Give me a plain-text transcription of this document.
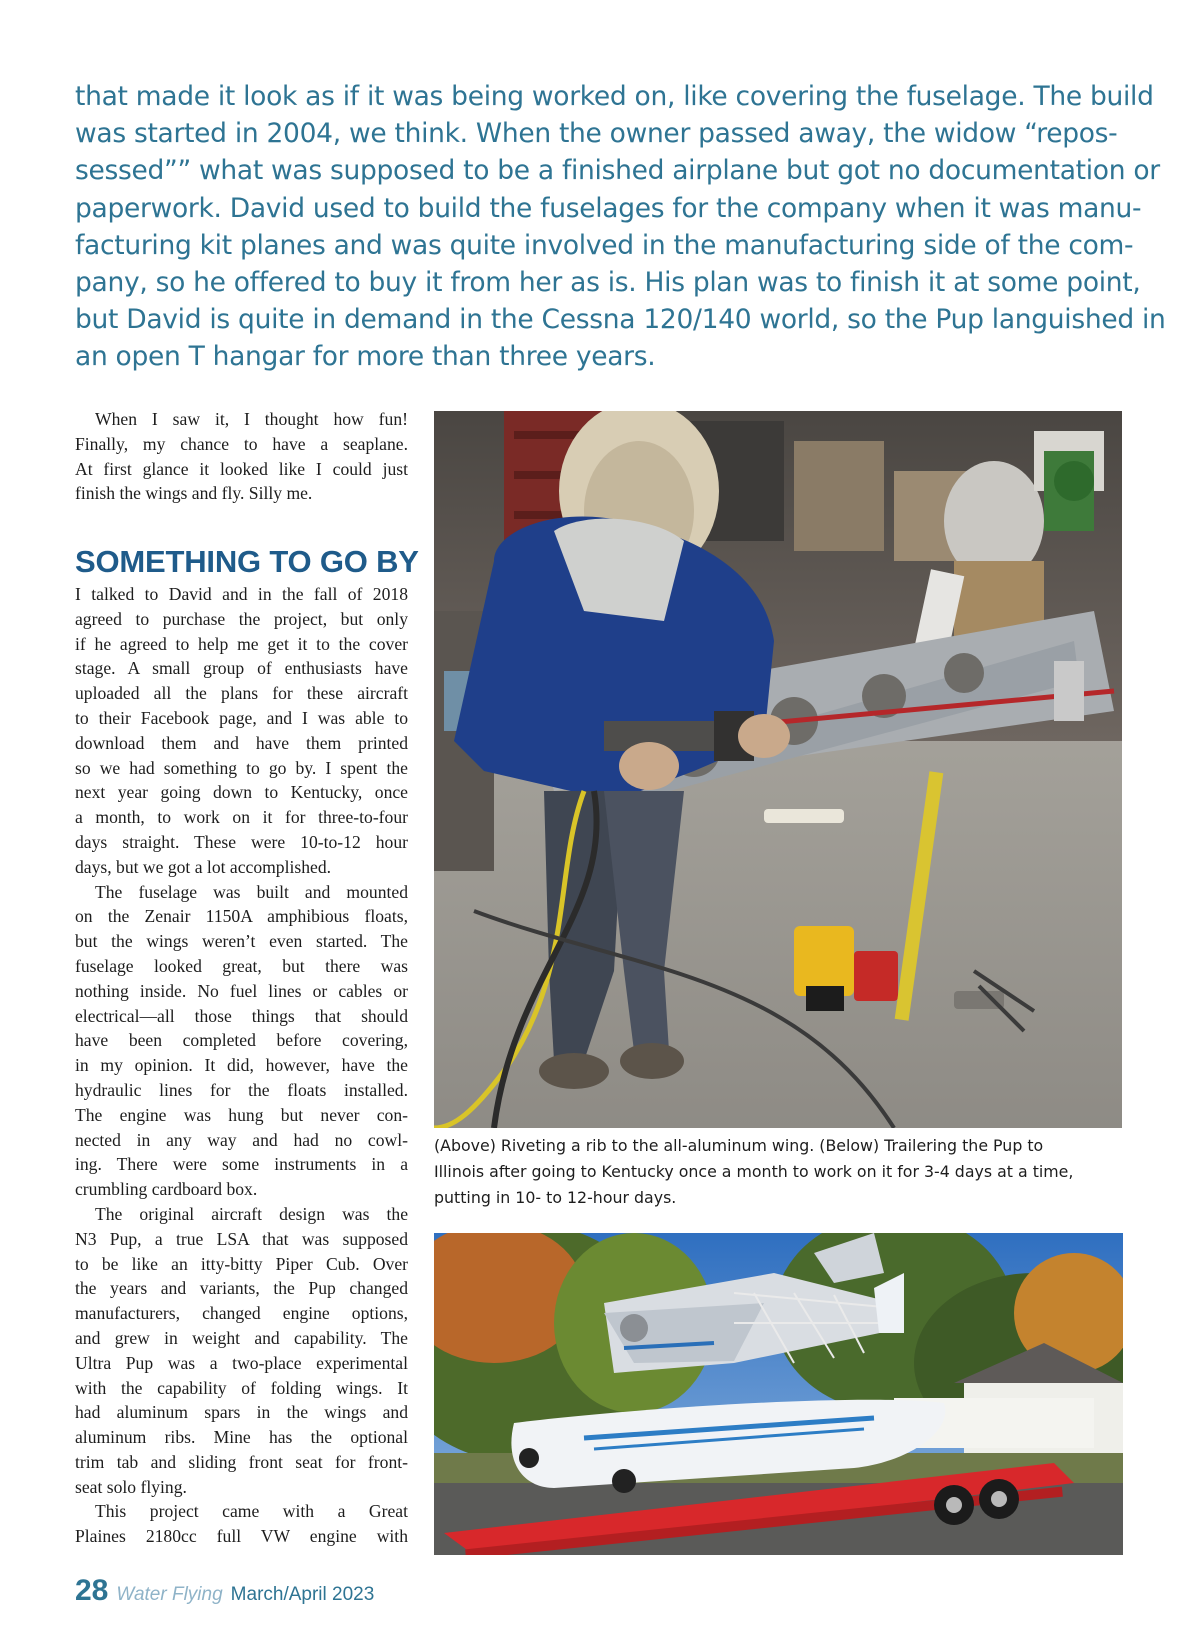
that made it look as if it was being worked on, like covering the fuselage. The build
was started in 2004, we think. When the owner passed away, the widow “repos-
sessed”” what was supposed to be a finished airplane but got no documentation or
paperwork. David used to build the fuselages for the company when it was manu-
facturing kit planes and was quite involved in the manufacturing side of the com-
pany, so he offered to buy it from her as is. His plan was to finish it at some point,
but David is quite in demand in the Cessna 120/140 world, so the Pup languished in
an open T hangar for more than three years.

When I saw it, I thought how fun!
Finally, my chance to have a seaplane.
At first glance it looked like I could just
finish the wings and fly. Silly me.
SOMETHING TO GO BY
I talked to David and in the fall of 2018
agreed to purchase the project, but only
if he agreed to help me get it to the cover
stage. A small group of enthusiasts have
uploaded all the plans for these aircraft
to their Facebook page, and I was able to
download them and have them printed
so we had something to go by. I spent the
next year going down to Kentucky, once
a month, to work on it for three-to-four
days straight. These were 10-to-12 hour
days, but we got a lot accomplished.
The fuselage was built and mounted
on the Zenair 1150A amphibious floats,
but the wings weren’t even started. The
fuselage looked great, but there was
nothing inside. No fuel lines or cables or
electrical—all those things that should
have been completed before covering,
in my opinion. It did, however, have the
hydraulic lines for the floats installed.
The engine was hung but never con-
nected in any way and had no cowl-
ing. There were some instruments in a
crumbling cardboard box.
The original aircraft design was the
N3 Pup, a true LSA that was supposed
to be like an itty-bitty Piper Cub. Over
the years and variants, the Pup changed
manufacturers, changed engine options,
and grew in weight and capability. The
Ultra Pup was a two-place experimental
with the capability of folding wings. It
had aluminum spars in the wings and
aluminum ribs. Mine has the optional
trim tab and sliding front seat for front-
seat solo flying.
This project came with a Great
Plaines 2180cc full VW engine with
(Above) Riveting a rib to the all-aluminum wing. (Below) Trailering the Pup to
Illinois after going to Kentucky once a month to work on it for 3-4 days at a time,
putting in 10- to 12-hour days.
28 Water Flying March/April 2023
